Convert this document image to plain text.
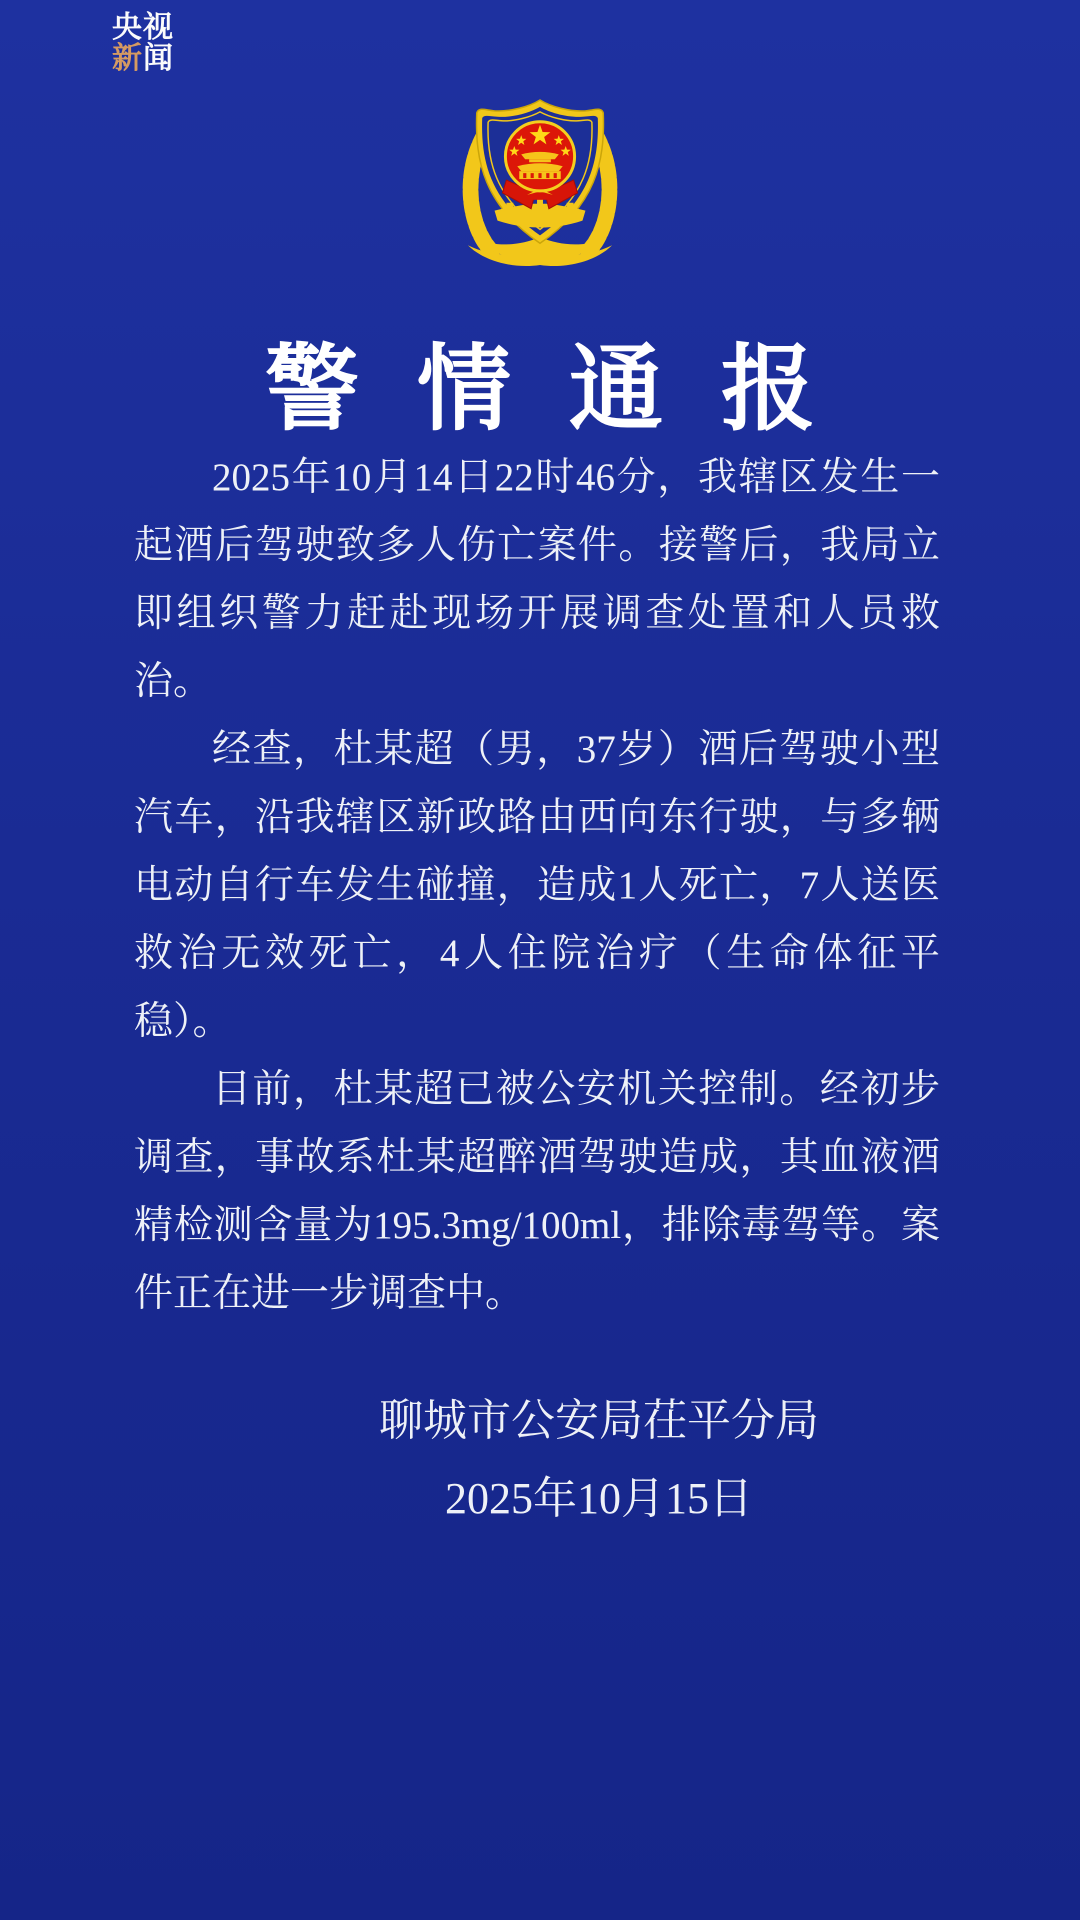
央视
新闻
警情通报

2025年10月14日22时46分，我辖区发生一起酒后驾驶致多人伤亡案件。接警后，我局立即组织警力赶赴现场开展调查处置和人员救治。

经查，杜某超（男，37岁）酒后驾驶小型汽车，沿我辖区新政路由西向东行驶，与多辆电动自行车发生碰撞，造成1人死亡，7人送医救治无效死亡，4人住院治疗（生命体征平稳）。

目前，杜某超已被公安机关控制。经初步调查，事故系杜某超醉酒驾驶造成，其血液酒精检测含量为195.3mg/100ml，排除毒驾等。案件正在进一步调查中。

聊城市公安局茌平分局
2025年10月15日
